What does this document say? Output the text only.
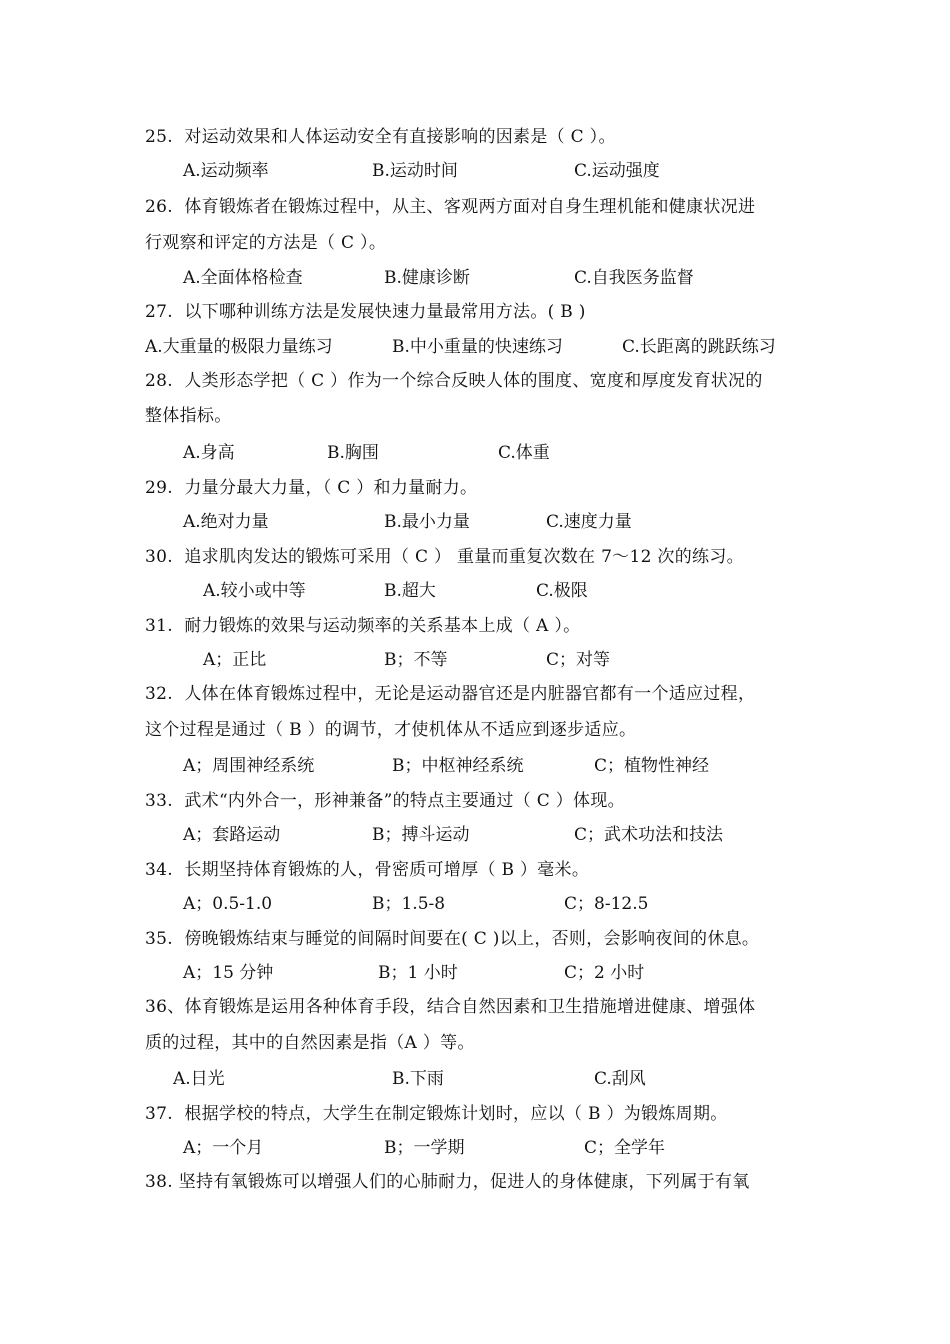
25.  对运动效果和人体运动安全有直接影响的因素是（ C ）。
A.运动频率	B.运动时间	C.运动强度
26.  体育锻炼者在锻炼过程中，从主、客观两方面对自身生理机能和健康状况进
行观察和评定的方法是（ C ）。
A.全面体格检查	B.健康诊断	C.自我医务监督
27.  以下哪种训练方法是发展快速力量最常用方法。( B )
A.大重量的极限力量练习	B.中小重量的快速练习	C.长距离的跳跃练习
28.  人类形态学把（ C ）作为一个综合反映人体的围度、宽度和厚度发育状况的
整体指标。
A.身高	B.胸围	C.体重
29.  力量分最大力量，（ C ）和力量耐力。
A.绝对力量	B.最小力量	C.速度力量
30.  追求肌肉发达的锻炼可采用（ C ） 重量而重复次数在 7～12 次的练习。
A.较小或中等	B.超大	C.极限
31.  耐力锻炼的效果与运动频率的关系基本上成（ A ）。
A；正比	B；不等	C；对等
32.  人体在体育锻炼过程中，无论是运动器官还是内脏器官都有一个适应过程，
这个过程是通过（ B ）的调节，才使机体从不适应到逐步适应。
A；周围神经系统	B；中枢神经系统	C；植物性神经
33.  武术“内外合一，形神兼备”的特点主要通过（ C ）体现。
A；套路运动	B；搏斗运动	C；武术功法和技法
34.  长期坚持体育锻炼的人，骨密质可增厚（ B ）毫米。
A；0.5-1.0	B；1.5-8	C；8-12.5
35.  傍晚锻炼结束与睡觉的间隔时间要在( C )以上，否则，会影响夜间的休息。
A；15 分钟	B；1 小时	C；2 小时
36、体育锻炼是运用各种体育手段，结合自然因素和卫生措施增进健康、增强体
质的过程，其中的自然因素是指（A ）等。
A.日光	B.下雨	C.刮风
37.  根据学校的特点，大学生在制定锻炼计划时，应以（ B ）为锻炼周期。
A；一个月	B；一学期	C；全学年
38. 坚持有氧锻炼可以增强人们的心肺耐力，促进人的身体健康，下列属于有氧
